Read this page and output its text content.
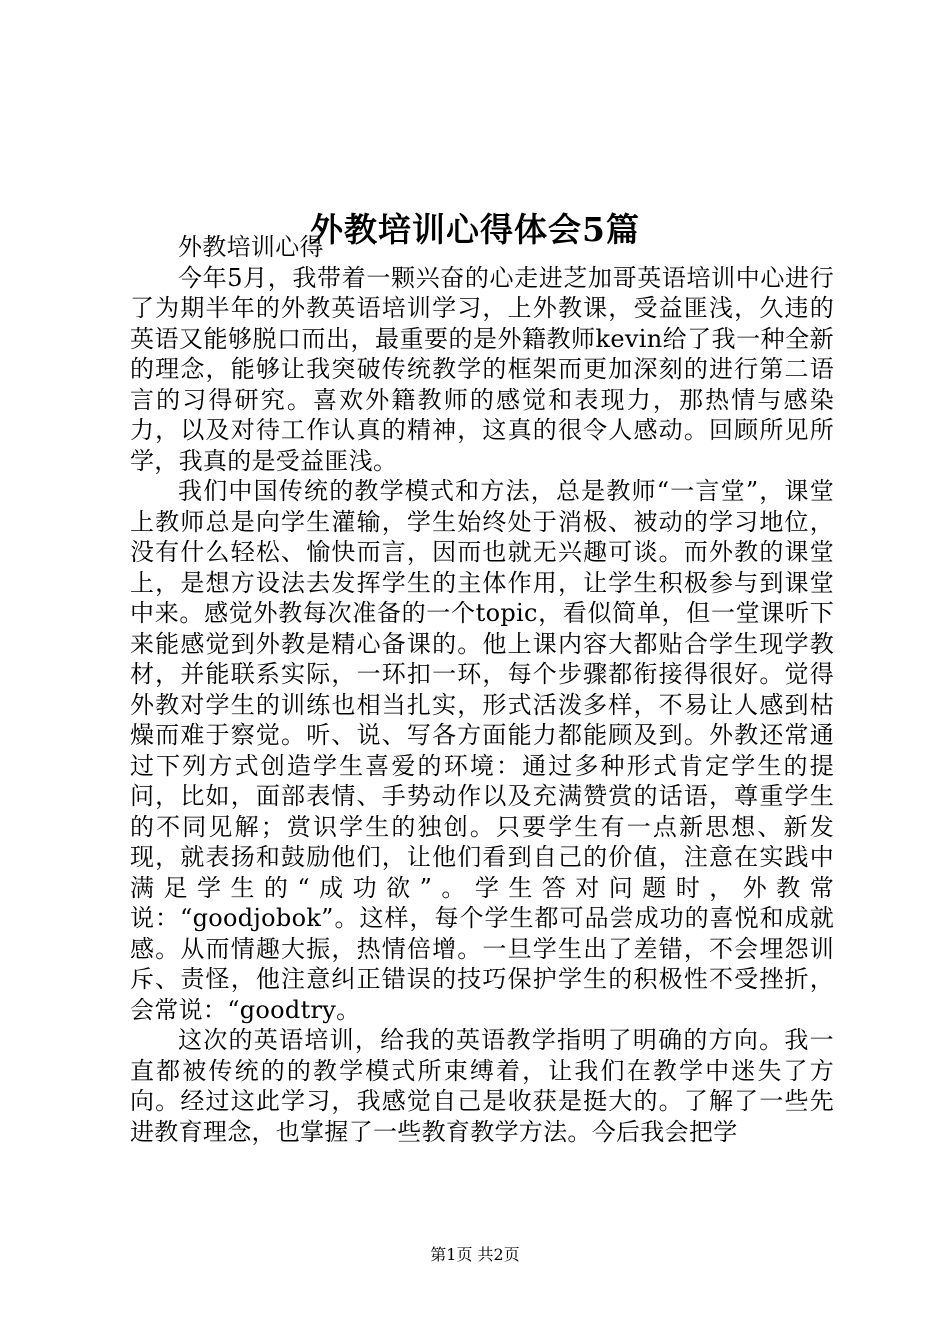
外教培训心得体会5篇

外教培训心得

今年5月，我带着一颗兴奋的心走进芝加哥英语培训中心进行了为期半年的外教英语培训学习，上外教课，受益匪浅，久违的英语又能够脱口而出，最重要的是外籍教师kevin给了我一种全新的理念，能够让我突破传统教学的框架而更加深刻的进行第二语言的习得研究。喜欢外籍教师的感觉和表现力，那热情与感染力，以及对待工作认真的精神，这真的很令人感动。回顾所见所学，我真的是受益匪浅。

我们中国传统的教学模式和方法，总是教师“一言堂”，课堂上教师总是向学生灌输，学生始终处于消极、被动的学习地位，没有什么轻松、愉快而言，因而也就无兴趣可谈。而外教的课堂上，是想方设法去发挥学生的主体作用，让学生积极参与到课堂中来。感觉外教每次准备的一个topic，看似简单，但一堂课听下来能感觉到外教是精心备课的。他上课内容大都贴合学生现学教材，并能联系实际，一环扣一环，每个步骤都衔接得很好。觉得外教对学生的训练也相当扎实，形式活泼多样，不易让人感到枯燥而难于察觉。听、说、写各方面能力都能顾及到。外教还常通过下列方式创造学生喜爱的环境：通过多种形式肯定学生的提问，比如，面部表情、手势动作以及充满赞赏的话语，尊重学生的不同见解；赏识学生的独创。只要学生有一点新思想、新发现，就表扬和鼓励他们，让他们看到自己的价值，注意在实践中满足学生的“成功欲”。学生答对问题时，外教常说：“goodjobok”。这样，每个学生都可品尝成功的喜悦和成就感。从而情趣大振，热情倍增。一旦学生出了差错，不会埋怨训斥、责怪，他注意纠正错误的技巧保护学生的积极性不受挫折，会常说：“goodtry。

这次的英语培训，给我的英语教学指明了明确的方向。我一直都被传统的的教学模式所束缚着，让我们在教学中迷失了方向。经过这此学习，我感觉自己是收获是挺大的。了解了一些先进教育理念，也掌握了一些教育教学方法。今后我会把学

第1页 共2页
